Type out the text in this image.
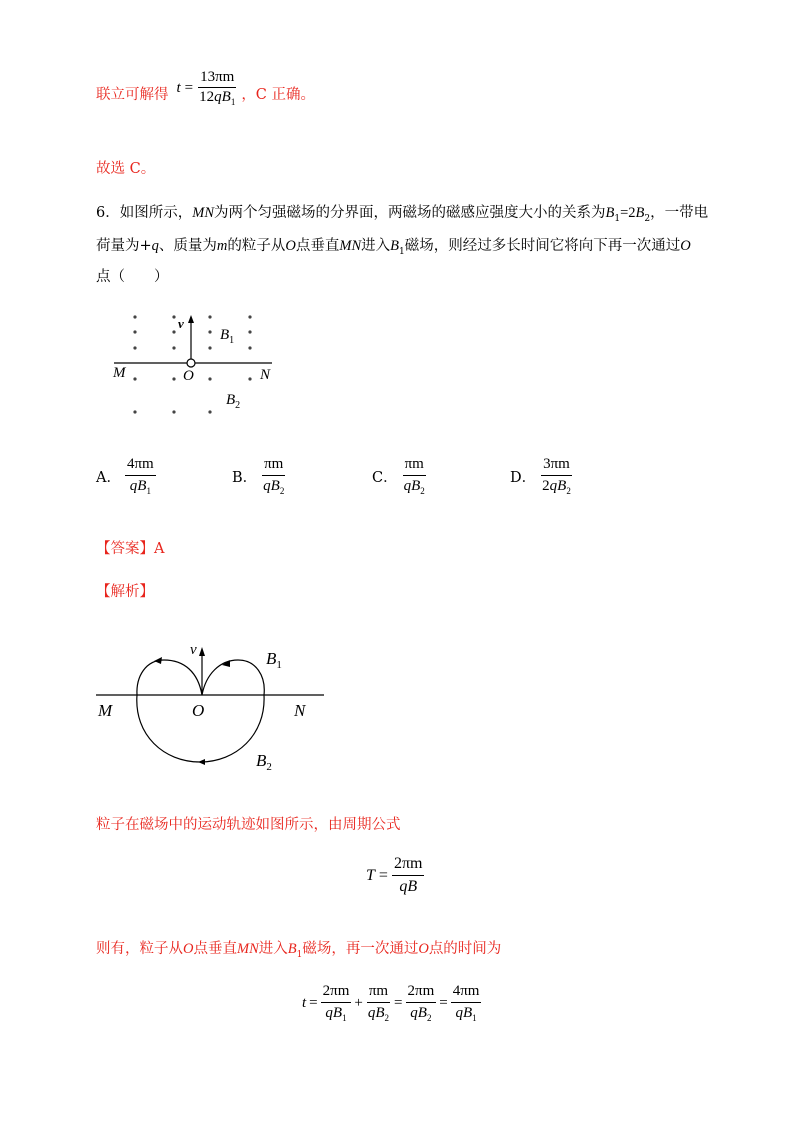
联立可解得 $t = \frac{13\pi m}{12qB_1}$ ，C 正确。
故选 C。
6．如图所示，MN为两个匀强磁场的分界面，两磁场的磁感应强度大小的关系为$B_1=2B_2$，一带电
荷量为+q、质量为m的粒子从O点垂直MN进入$B_1$磁场，则经过多长时间它将向下再一次通过O
点（　　）
v
$B_1$
M	O	N
$B_2$
A． $\frac{4\pi m}{qB_1}$	B． $\frac{\pi m}{qB_2}$	C． $\frac{\pi m}{qB_2}$	D． $\frac{3\pi m}{2qB_2}$
【答案】A
【解析】
v	$B_1$
M	O	N
$B_2$
粒子在磁场中的运动轨迹如图所示，由周期公式
$T = \frac{2\pi m}{qB}$
则有，粒子从O点垂直MN进入$B_1$磁场，再一次通过O点的时间为
$t = \frac{2\pi m}{qB_1} + \frac{\pi m}{qB_2} = \frac{2\pi m}{qB_2} = \frac{4\pi m}{qB_1}$
